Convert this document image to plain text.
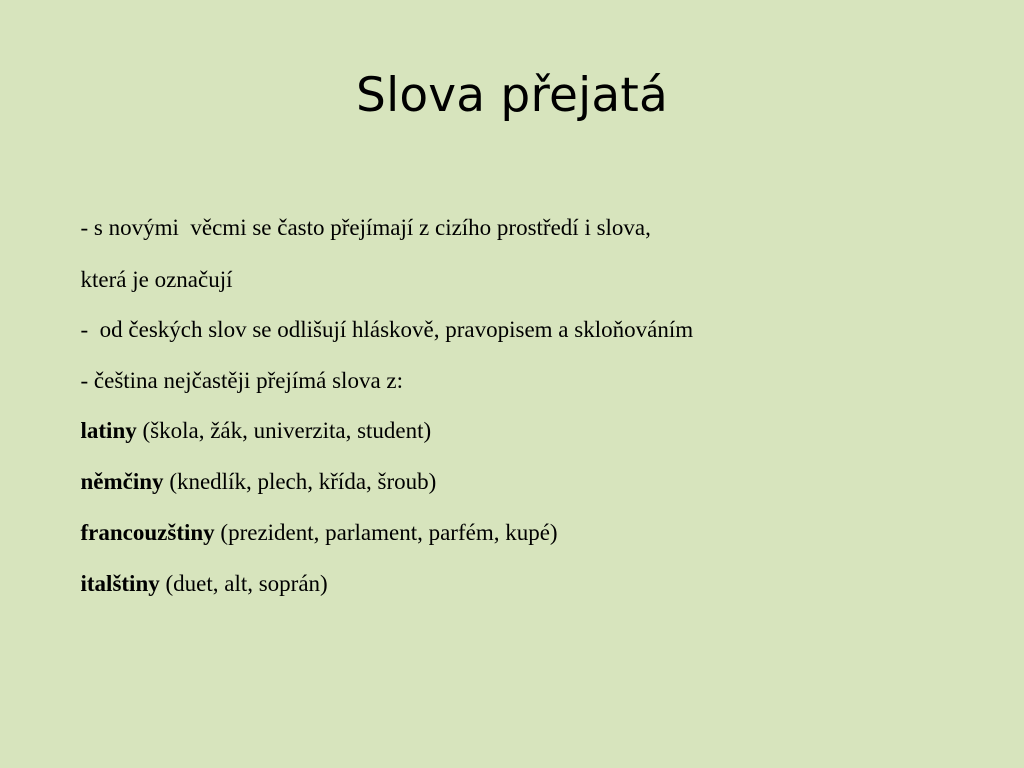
Slova přejatá

- s novými  věcmi se často přejímají z cizího prostředí i slova,

která je označují

-  od českých slov se odlišují hláskově, pravopisem a skloňováním

- čeština nejčastěji přejímá slova z:

latiny (škola, žák, univerzita, student)

němčiny (knedlík, plech, křída, šroub)

francouzštiny (prezident, parlament, parfém, kupé)

italštiny (duet, alt, soprán)
